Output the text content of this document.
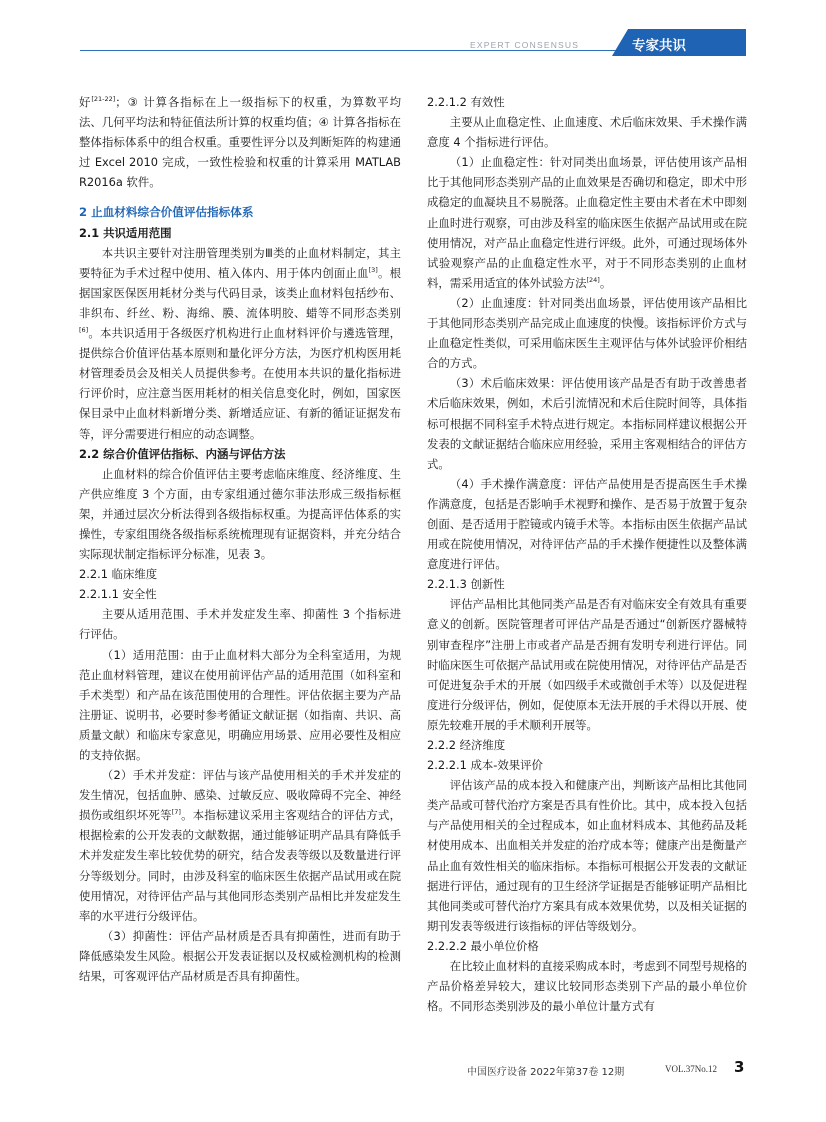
EXPERT CONSENSUS	专家共识
好[21-22]；③ 计算各指标在上一级指标下的权重，为算数平均法、几何平均法和特征值法所计算的权重均值；④ 计算各指标在整体指标体系中的组合权重。重要性评分以及判断矩阵的构建通过 Excel 2010 完成，一致性检验和权重的计算采用 MATLAB R2016a 软件。
2 止血材料综合价值评估指标体系
2.1 共识适用范围
本共识主要针对注册管理类别为Ⅲ类的止血材料制定，其主要特征为手术过程中使用、植入体内、用于体内创面止血[3]。根据国家医保医用耗材分类与代码目录，该类止血材料包括纱布、非织布、纤丝、粉、海绵、膜、流体明胶、蜡等不同形态类别[6]。本共识适用于各级医疗机构进行止血材料评价与遴选管理，提供综合价值评估基本原则和量化评分方法，为医疗机构医用耗材管理委员会及相关人员提供参考。在使用本共识的量化指标进行评价时，应注意当医用耗材的相关信息变化时，例如，国家医保目录中止血材料新增分类、新增适应证、有新的循证证据发布等，评分需要进行相应的动态调整。
2.2 综合价值评估指标、内涵与评估方法
止血材料的综合价值评估主要考虑临床维度、经济维度、生产供应维度 3 个方面，由专家组通过德尔菲法形成三级指标框架，并通过层次分析法得到各级指标权重。为提高评估体系的实操性，专家组围绕各级指标系统梳理现有证据资料，并充分结合实际现状制定指标评分标准，见表 3。
2.2.1 临床维度
2.2.1.1 安全性
主要从适用范围、手术并发症发生率、抑菌性 3 个指标进行评估。
（1）适用范围：由于止血材料大部分为全科室适用，为规范止血材料管理，建议在使用前评估产品的适用范围（如科室和手术类型）和产品在该范围使用的合理性。评估依据主要为产品注册证、说明书，必要时参考循证文献证据（如指南、共识、高质量文献）和临床专家意见，明确应用场景、应用必要性及相应的支持依据。
（2）手术并发症：评估与该产品使用相关的手术并发症的发生情况，包括血肿、感染、过敏反应、吸收障碍不完全、神经损伤或组织坏死等[7]。本指标建议采用主客观结合的评估方式，根据检索的公开发表的文献数据，通过能够证明产品具有降低手术并发症发生率比较优势的研究，结合发表等级以及数量进行评分等级划分。同时，由涉及科室的临床医生依据产品试用或在院使用情况，对待评估产品与其他同形态类别产品相比并发症发生率的水平进行分级评估。
（3）抑菌性：评估产品材质是否具有抑菌性，进而有助于降低感染发生风险。根据公开发表证据以及权威检测机构的检测结果，可客观评估产品材质是否具有抑菌性。
2.2.1.2 有效性
主要从止血稳定性、止血速度、术后临床效果、手术操作满意度 4 个指标进行评估。
（1）止血稳定性：针对同类出血场景，评估使用该产品相比于其他同形态类别产品的止血效果是否确切和稳定，即术中形成稳定的血凝块且不易脱落。止血稳定性主要由术者在术中即刻止血时进行观察，可由涉及科室的临床医生依据产品试用或在院使用情况，对产品止血稳定性进行评级。此外，可通过现场体外试验观察产品的止血稳定性水平，对于不同形态类别的止血材料，需采用适宜的体外试验方法[24]。
（2）止血速度：针对同类出血场景，评估使用该产品相比于其他同形态类别产品完成止血速度的快慢。该指标评价方式与止血稳定性类似，可采用临床医生主观评估与体外试验评价相结合的方式。
（3）术后临床效果：评估使用该产品是否有助于改善患者术后临床效果，例如，术后引流情况和术后住院时间等，具体指标可根据不同科室手术特点进行规定。本指标同样建议根据公开发表的文献证据结合临床应用经验，采用主客观相结合的评估方式。
（4）手术操作满意度：评估产品使用是否提高医生手术操作满意度，包括是否影响手术视野和操作、是否易于放置于复杂创面、是否适用于腔镜或内镜手术等。本指标由医生依据产品试用或在院使用情况，对待评估产品的手术操作便捷性以及整体满意度进行评估。
2.2.1.3 创新性
评估产品相比其他同类产品是否有对临床安全有效具有重要意义的创新。医院管理者可评估产品是否通过“创新医疗器械特别审查程序”注册上市或者产品是否拥有发明专利进行评估。同时临床医生可依据产品试用或在院使用情况，对待评估产品是否可促进复杂手术的开展（如四级手术或微创手术等）以及促进程度进行分级评估，例如，促使原本无法开展的手术得以开展、使原先较难开展的手术顺利开展等。
2.2.2 经济维度
2.2.2.1 成本-效果评价
评估该产品的成本投入和健康产出，判断该产品相比其他同类产品或可替代治疗方案是否具有性价比。其中，成本投入包括与产品使用相关的全过程成本，如止血材料成本、其他药品及耗材使用成本、出血相关并发症的治疗成本等；健康产出是衡量产品止血有效性相关的临床指标。本指标可根据公开发表的文献证据进行评估，通过现有的卫生经济学证据是否能够证明产品相比其他同类或可替代治疗方案具有成本效果优势，以及相关证据的期刊发表等级进行该指标的评估等级划分。
2.2.2.2 最小单位价格
在比较止血材料的直接采购成本时，考虑到不同型号规格的产品价格差异较大，建议比较同形态类别下产品的最小单位价格。不同形态类别涉及的最小单位计量方式有
中国医疗设备 2022年第37卷 12期	VOL.37No.12 3
